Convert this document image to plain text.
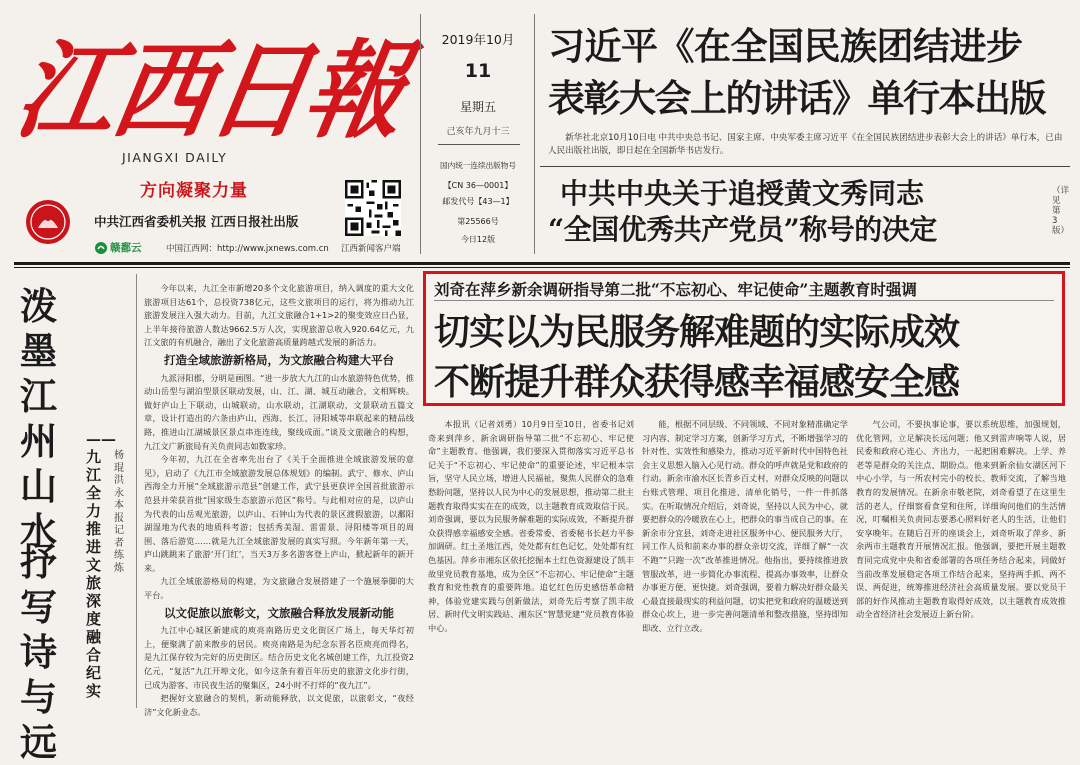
江西日報
JIANGXI DAILY
方向凝聚力量
中共江西省委机关报 江西日报社出版
赣鄱云	中国江西网：http://www.jxnews.com.cn 江西新闻客户端
2019年10月
11
星期五
己亥年九月十三
国内统一连续出版物号
【CN 36—0001】
邮发代号【43—1】
第25566号
今日12版
习近平《在全国民族团结进步
表彰大会上的讲话》单行本出版
新华社北京10月10日电 中共中央总书记、国家主席、中央军委主席习近平《在全国民族团结进步表彰大会上的讲话》单行本，已由人民出版社出版，即日起在全国新华书店发行。
中共中央关于追授黄文秀同志
“全国优秀共产党员”称号的决定
（详见第3版）
泼墨江州山水
抒写诗与远
——九江全力推进文旅深度融合纪实
杨 琨 洪 永 本报记者 练 炼

今年以来，九江全市新增20多个文化旅游项目，纳入调度的重大文化旅游项目达61个，总投资738亿元，这些文旅项目的运行，将为推动九江旅游发展注入强大动力。目前，九江文旅融合1+1>2的聚变效应日凸显，上半年接待旅游人数达9662.5万人次，实现旅游总收入920.64亿元，九江文旅的有机融合，融出了文化旅游高质量跨越式发展的新活力。

打造全域旅游新格局，为文旅融合构建大平台

九派浔阳郡，分明是画图。“进一步放大九江的山水旅游特色优势，推动山岳型与湖泊型景区联动发展，山、江、湖、城互动融合，文相辉映。做好庐山上下联动，山城联动，山水联动，江湖联动，文景联动五篇文章，设计打造出的六条由庐山、西海、长江、浔阳城等串联起来的精品线路，推进山江湖城景区景点串连连线，聚线成面。”谈及文旅融合的构想，九江文广新旅局有关负责同志如数家珍。

今年初，九江在全省率先出台了《关于全面推进全域旅游发展的意见》，启动了《九江市全域旅游发展总体规划》的编制。武宁、修水、庐山西海全力开展“全域旅游示范县”创建工作，武宁县更获评全国首批旅游示范县并荣获首批“国家级生态旅游示范区”称号。与此相对应的是，以庐山为代表的山岳观光旅游，以庐山、石钟山为代表的景区渡假旅游，以鄱阳湖湿地为代表的地质科考游；包括秀美湿、雷雷景、浔阳楼等项目的周围、落后游览……就是九江全域旅游发展的真实写照。今年新年第一天，庐山跳跳来了旅游‘开门红’，当天3万多名游客登上庐山，掀起新年的新开来。

九江全域旅游格局的构建，为文旅融合发展搭建了一个施展拳脚的大平台。

以文促旅以旅彰文，文旅融合释放发展新动能

九江中心城区新建成的庾亮南路历史文化街区广场上，每天华灯初上，便聚满了前来散步的居民。庾亮南路是为纪念东晋名臣庾亮而得名，是九江保存较为完好的历史街区。结合历史文化名城创建工作，九江投资2亿元，“复活”九江开埠文化，如今这条有着百年历史的旅游文化步行街，已成为游客、市民夜生活的聚集区，24小时不打烊的“夜九江”。

把握好文旅融合的契机，新动能释放，以文促旅，以旅彰文，“夜经济”文化新业态。

刘奇在萍乡新余调研指导第二批“不忘初心、牢记使命”主题教育时强调
切实以为民服务解难题的实际成效
不断提升群众获得感幸福感安全感

本报讯（记者刘勇）10月9日至10日，省委书记刘奇来到萍乡、新余调研指导第二批“不忘初心、牢记使命”主题教育。他强调，我们要深入贯彻落实习近平总书记关于“不忘初心、牢记使命”的重要论述，牢记根本宗旨，坚守人民立场，增进人民福祉，聚焦人民群众的急难愁盼问题，坚持以人民为中心的发展思想，推动第二批主题教育取得实实在在的成效，以主题教育成效取信于民。刘奇强调，要以为民服务解难题的实际成效，不断提升群众获得感幸福感安全感。省委常委、省委秘书长赵力平参加调研。红土圣地江西，处处都有红色记忆，处处都有红色基因。萍乡市湘东区依托挖掘本土红色资源建设了凯丰故里党员教育基地，成为全区“不忘初心、牢记使命”主题教育和党性教育的重要阵地。追忆红色历史感悟革命精神，体验党建实践与创新做法，刘奇先后考察了凯丰故居、新时代文明实践站、湘东区“智慧党建”党员教育体验中心。

能，根据不同层级、不同领域、不同对象精准确定学习内容、制定学习方案，创新学习方式，不断增强学习的针对性、实效性和感染力，推动习近平新时代中国特色社会主义思想入脑入心见行动。群众的呼声就是党和政府的行动。新余市渝水区长青乡百丈村，对群众反映的问题以台账式管理、项目化推进、清单化销号，一件一件抓落实。在听取情况介绍后，刘奇说，坚持以人民为中心，就要把群众的冷暖放在心上，把群众的事当成自己的事。在新余市分宜县，刘奇走进社区服务中心、便民服务大厅，同工作人员和前来办事的群众亲切交流，详细了解“一次不跑”“只跑一次”改革推进情况。他指出，要持续推进放管服改革，进一步简化办事流程、提高办事效率，让群众办事更方便、更快捷。刘奇强调，要着力解决好群众最关心最直接最现实的利益问题，切实把党和政府的温暖送到群众心坎上，进一步完善问题清单和整改措施，坚持即知即改、立行立改。

气公司，不要执事论事，要以系统思维，加强规划，优化管网，立足解决长远问题；他又到雷声响等人说，居民委和政府心连心、齐出力，一起把困难解决。上学、养老等是群众的关注点、期盼点。他来到新余仙女湖区河下中心小学，与一所农村完小的校长、教师交流，了解当地教育的发展情况。在新余市敬老院，刘奇看望了在这里生活的老人，仔细察看食堂和住所，详细询问他们的生活情况，叮嘱相关负责同志要悉心照料好老人的生活，让他们安享晚年。在随后召开的座谈会上，刘奇听取了萍乡、新余两市主题教育开展情况汇报。他强调，要把开展主题教育同完成党中央和省委部署的各项任务结合起来，同做好当前改革发展稳定各项工作结合起来，坚持两手抓、两不误、两促进，统筹推进经济社会高质量发展。要以党员干部的好作风推动主题教育取得好成效，以主题教育成效推动全省经济社会发展迈上新台阶。
